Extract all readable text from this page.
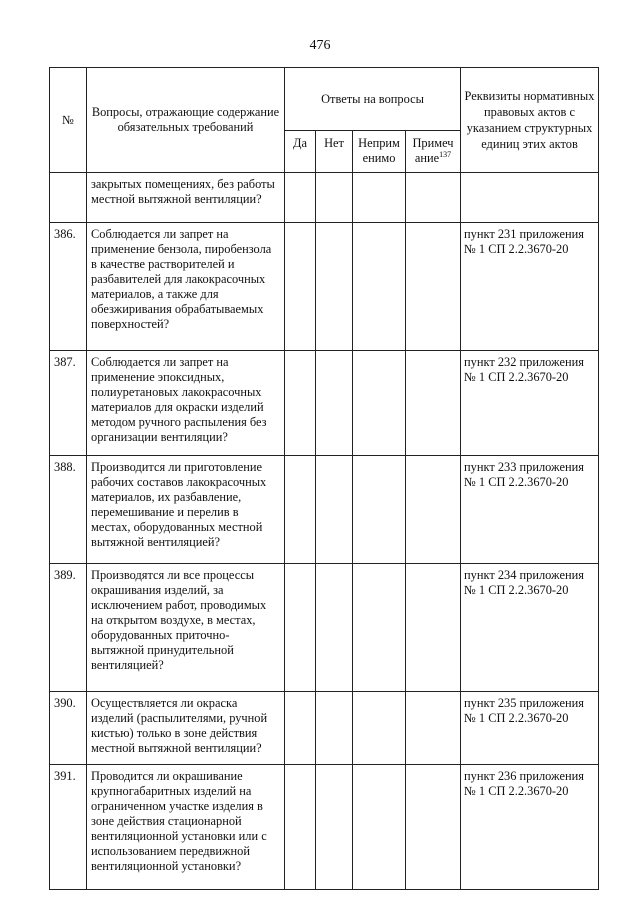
476
№	Вопросы, отражающие содержание обязательных требований	Ответы на вопросы				Реквизиты нормативных правовых актов с указанием структурных единиц этих актов
		Да	Нет	Неприм енимо	Примеч ание$^{137}$
	закрытых помещениях, без работы местной вытяжной вентиляции?					
386.	Соблюдается ли запрет на применение бензола, пиробензола в качестве растворителей и разбавителей для лакокрасочных материалов, а также для обезжиривания обрабатываемых поверхностей?					пункт 231 приложения № 1 СП 2.2.3670-20
387.	Соблюдается ли запрет на применение эпоксидных, полиуретановых лакокрасочных материалов для окраски изделий методом ручного распыления без организации вентиляции?					пункт 232 приложения № 1 СП 2.2.3670-20
388.	Производится ли приготовление рабочих составов лакокрасочных материалов, их разбавление, перемешивание и перелив в местах, оборудованных местной вытяжной вентиляцией?					пункт 233 приложения № 1 СП 2.2.3670-20
389.	Производятся ли все процессы окрашивания изделий, за исключением работ, проводимых на открытом воздухе, в местах, оборудованных приточно-вытяжной принудительной вентиляцией?					пункт 234 приложения № 1 СП 2.2.3670-20
390.	Осуществляется ли окраска изделий (распылителями, ручной кистью) только в зоне действия местной вытяжной вентиляции?					пункт 235 приложения № 1 СП 2.2.3670-20
391.	Проводится ли окрашивание крупногабаритных изделий на ограниченном участке изделия в зоне действия стационарной вентиляционной установки или с использованием передвижной вентиляционной установки?					пункт 236 приложения № 1 СП 2.2.3670-20
